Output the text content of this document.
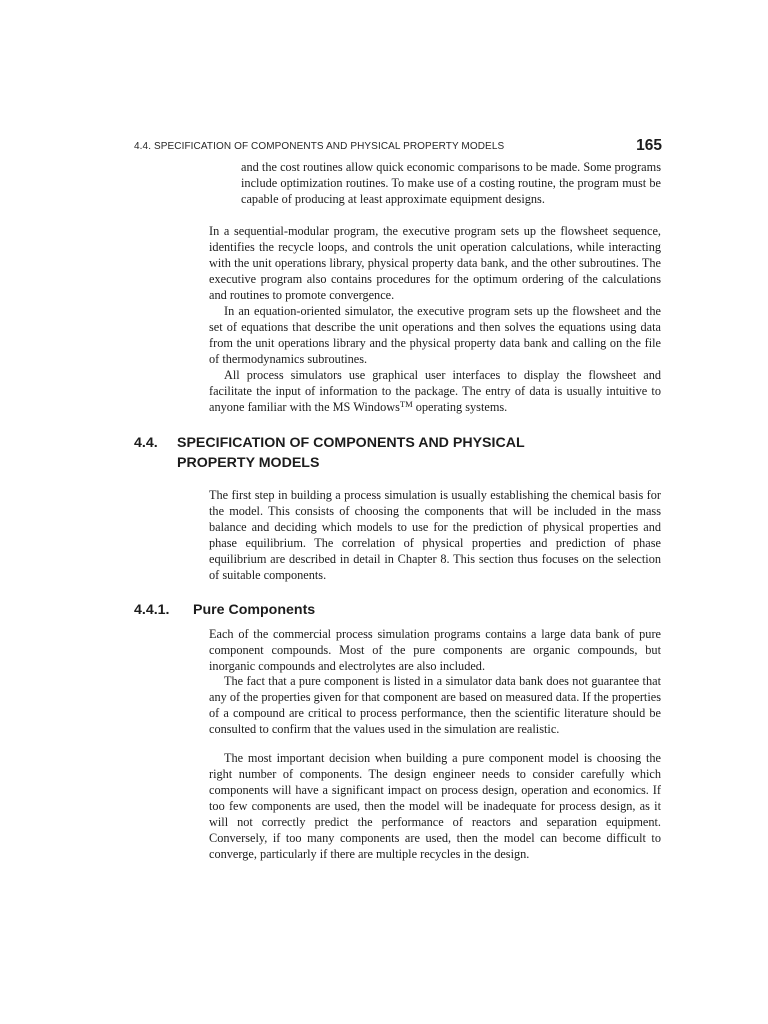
4.4. SPECIFICATION OF COMPONENTS AND PHYSICAL PROPERTY MODELS	165

and the cost routines allow quick economic comparisons to be made. Some programs include optimization routines. To make use of a costing routine, the program must be capable of producing at least approximate equipment designs.

In a sequential-modular program, the executive program sets up the flowsheet sequence, identifies the recycle loops, and controls the unit operation calculations, while interacting with the unit operations library, physical property data bank, and the other subroutines. The executive program also contains procedures for the optimum ordering of the calculations and routines to promote convergence.

In an equation-oriented simulator, the executive program sets up the flowsheet and the set of equations that describe the unit operations and then solves the equations using data from the unit operations library and the physical property data bank and calling on the file of thermodynamics subroutines.

All process simulators use graphical user interfaces to display the flowsheet and facilitate the input of information to the package. The entry of data is usually intuitive to anyone familiar with the MS Windows™ operating systems.

4.4. SPECIFICATION OF COMPONENTS AND PHYSICAL PROPERTY MODELS

The first step in building a process simulation is usually establishing the chemical basis for the model. This consists of choosing the components that will be included in the mass balance and deciding which models to use for the prediction of physical properties and phase equilibrium. The correlation of physical properties and prediction of phase equilibrium are described in detail in Chapter 8. This section thus focuses on the selection of suitable components.

4.4.1. Pure Components

Each of the commercial process simulation programs contains a large data bank of pure component compounds. Most of the pure components are organic compounds, but inorganic compounds and electrolytes are also included.

The fact that a pure component is listed in a simulator data bank does not guarantee that any of the properties given for that component are based on measured data. If the properties of a compound are critical to process performance, then the scientific literature should be consulted to confirm that the values used in the simulation are realistic.

The most important decision when building a pure component model is choosing the right number of components. The design engineer needs to consider carefully which components will have a significant impact on process design, operation and economics. If too few components are used, then the model will be inadequate for process design, as it will not correctly predict the performance of reactors and separation equipment. Conversely, if too many components are used, then the model can become difficult to converge, particularly if there are multiple recycles in the design.
